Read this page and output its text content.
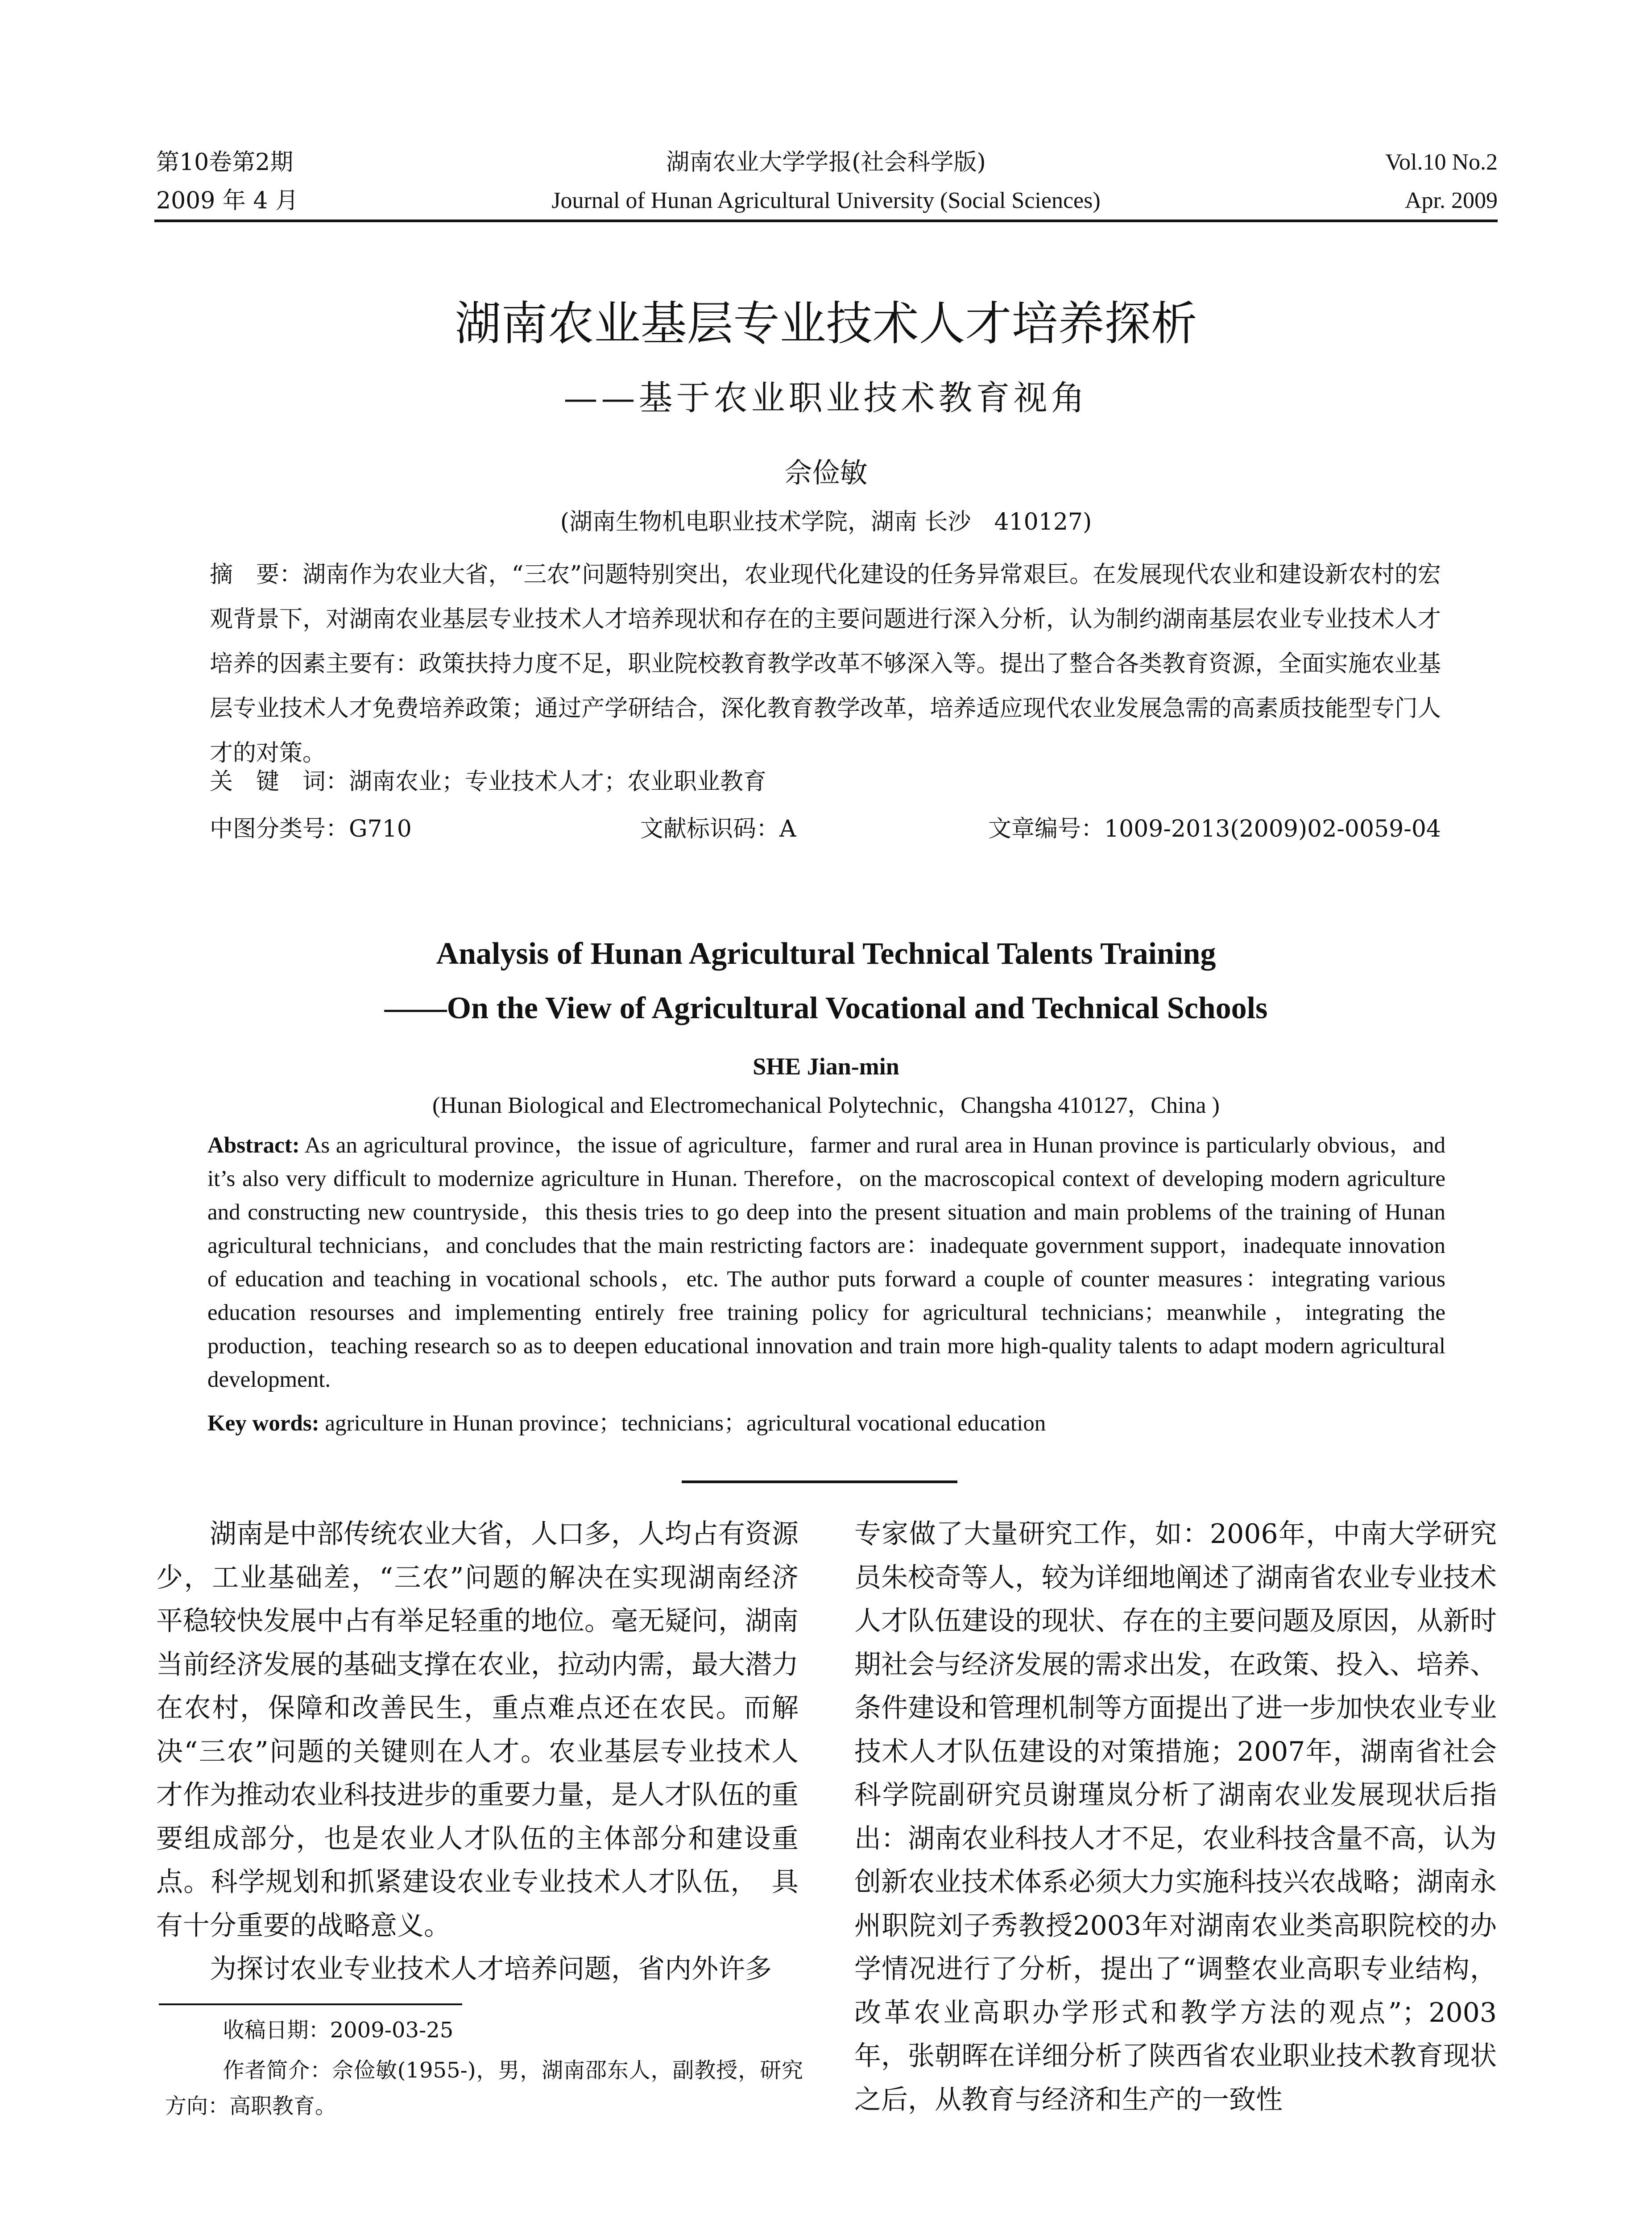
第10卷第2期
2009 年 4 月
湖南农业大学学报(社会科学版)
Journal of Hunan Agricultural University (Social Sciences)
Vol.10 No.2
Apr. 2009
湖南农业基层专业技术人才培养探析
——基于农业职业技术教育视角
佘俭敏
(湖南生物机电职业技术学院，湖南 长沙　410127)
摘　要：湖南作为农业大省，“三农”问题特别突出，农业现代化建设的任务异常艰巨。在发展现代农业和建设新农村的宏观背景下，对湖南农业基层专业技术人才培养现状和存在的主要问题进行深入分析，认为制约湖南基层农业专业技术人才培养的因素主要有：政策扶持力度不足，职业院校教育教学改革不够深入等。提出了整合各类教育资源，全面实施农业基层专业技术人才免费培养政策；通过产学研结合，深化教育教学改革，培养适应现代农业发展急需的高素质技能型专门人才的对策。
关　键　词：湖南农业；专业技术人才；农业职业教育
中图分类号：G710	文献标识码：A	文章编号：1009-2013(2009)02-0059-04
Analysis of Hunan Agricultural Technical Talents Training
——On the View of Agricultural Vocational and Technical Schools
SHE Jian-min
(Hunan Biological and Electromechanical Polytechnic，Changsha 410127，China )
Abstract: As an agricultural province，the issue of agriculture，farmer and rural area in Hunan province is particularly obvious，and it’s also very difficult to modernize agriculture in Hunan. Therefore，on the macroscopical context of developing modern agriculture and constructing new countryside，this thesis tries to go deep into the present situation and main problems of the training of Hunan agricultural technicians，and concludes that the main restricting factors are：inadequate government support，inadequate innovation of education and teaching in vocational schools，etc. The author puts forward a couple of counter measures：integrating various education resourses and implementing entirely free training policy for agricultural technicians；meanwhile，integrating the production，teaching research so as to deepen educational innovation and train more high-quality talents to adapt modern agricultural development.
Key words: agriculture in Hunan province；technicians；agricultural vocational education

湖南是中部传统农业大省，人口多，人均占有资源少，工业基础差，“三农”问题的解决在实现湖南经济平稳较快发展中占有举足轻重的地位。毫无疑问，湖南当前经济发展的基础支撑在农业，拉动内需，最大潜力在农村，保障和改善民生，重点难点还在农民。而解决“三农”问题的关键则在人才。农业基层专业技术人才作为推动农业科技进步的重要力量，是人才队伍的重要组成部分，也是农业人才队伍的主体部分和建设重点。科学规划和抓紧建设农业专业技术人才队伍，　具有十分重要的战略意义。

为探讨农业专业技术人才培养问题，省内外许多

专家做了大量研究工作，如：2006年，中南大学研究员朱校奇等人，较为详细地阐述了湖南省农业专业技术人才队伍建设的现状、存在的主要问题及原因，从新时期社会与经济发展的需求出发，在政策、投入、培养、条件建设和管理机制等方面提出了进一步加快农业专业技术人才队伍建设的对策措施；2007年，湖南省社会科学院副研究员谢瑾岚分析了湖南农业发展现状后指出：湖南农业科技人才不足，农业科技含量不高，认为创新农业技术体系必须大力实施科技兴农战略；湖南永州职院刘子秀教授2003年对湖南农业类高职院校的办学情况进行了分析，提出了“调整农业高职专业结构，改革农业高职办学形式和教学方法的观点”；2003年，张朝晖在详细分析了陕西省农业职业技术教育现状之后，从教育与经济和生产的一致性

收稿日期：2009-03-25
作者简介：佘俭敏(1955-)，男，湖南邵东人，副教授，研究方向：高职教育。
